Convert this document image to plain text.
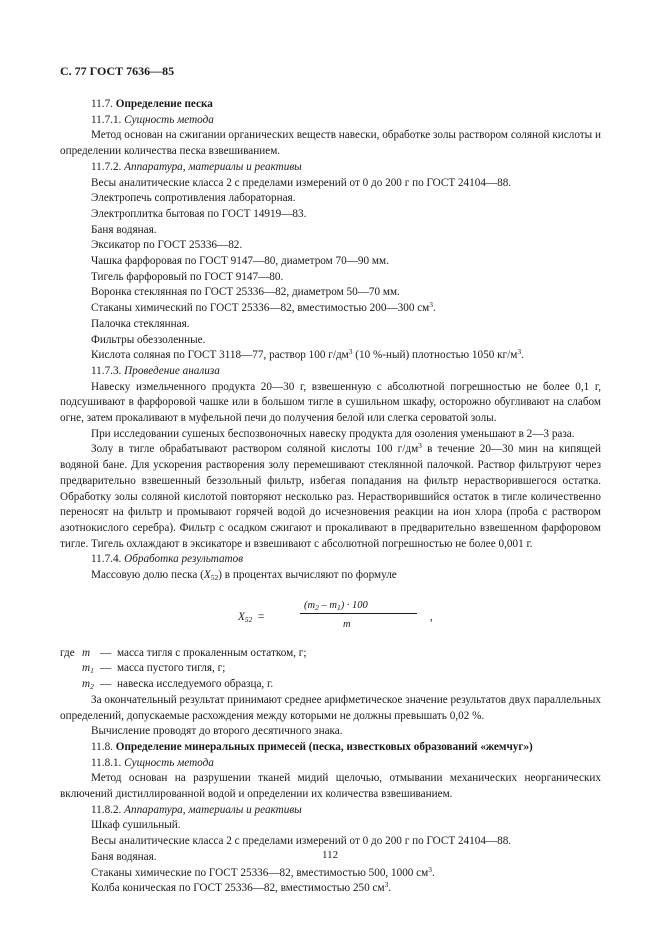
С. 77 ГОСТ 7636—85
11.7. Определение песка
11.7.1. Сущность метода

Метод основан на сжигании органических веществ навески, обработке золы раствором соляной кислоты и определении количества песка взвешиванием.

11.7.2. Аппаратура, материалы и реактивы
Весы аналитические класса 2 с пределами измерений от 0 до 200 г по ГОСТ 24104—88.
Электропечь сопротивления лабораторная.
Электроплитка бытовая по ГОСТ 14919—83.
Баня водяная.
Эксикатор по ГОСТ 25336—82.
Чашка фарфоровая по ГОСТ 9147—80, диаметром 70—90 мм.
Тигель фарфоровый по ГОСТ 9147—80.
Воронка стеклянная по ГОСТ 25336—82, диаметром 50—70 мм.
Стаканы химический по ГОСТ 25336—82, вместимостью 200—300 $см^3$.
Палочка стеклянная.
Фильтры обеззоленные.
Кислота соляная по ГОСТ 3118—77, раствор 100 $г/дм^3$ (10 %-ный) плотностью 1050 $кг/м^3$.
11.7.3. Проведение анализа

Навеску измельченного продукта 20—30 г, взвешенную с абсолютной погрешностью не более 0,1 г, подсушивают в фарфоровой чашке или в большом тигле в сушильном шкафу, осторожно обугливают на слабом огне, затем прокаливают в муфельной печи до получения белой или слегка сероватой золы.

При исследовании сушеных беспозвоночных навеску продукта для озоления уменьшают в 2—3 раза.

Золу в тигле обрабатывают раствором соляной кислоты 100 $г/дм^3$ в течение 20—30 мин на кипящей водяной бане. Для ускорения растворения золу перемешивают стеклянной палочкой. Раствор фильтруют через предварительно взвешенный беззольный фильтр, избегая попадания на фильтр нерастворившегося остатка. Обработку золы соляной кислотой повторяют несколько раз. Нерастворившийся остаток в тигле количественно переносят на фильтр и промывают горячей водой до исчезновения реакции на ион хлора (проба с раствором азотнокислого серебра). Фильтр с осадком сжигают и прокаливают в предварительно взвешенном фарфоровом тигле. Тигель охлаждают в эксикаторе и взвешивают с абсолютной погрешностью не более 0,001 г.

11.7.4. Обработка результатов
Массовую долю песка $(X_{52})$ в процентах вычисляют по формуле
$X_{52}$ =
$(m_2 - m_1) \cdot 100$
m
,
где m — масса тигля с прокаленным остатком, г;
$m_1$ — масса пустого тигля, г;
$m_2$ — навеска исследуемого образца, г.

За окончательный результат принимают среднее арифметическое значение результатов двух параллельных определений, допускаемые расхождения между которыми не должны превышать 0,02 %.

Вычисление проводят до второго десятичного знака.

11.8. Определение минеральных примесей (песка, известковых образований «жемчуг»)
11.8.1. Сущность метода

Метод основан на разрушении тканей мидий щелочью, отмывании механических неорганических включений дистиллированной водой и определении их количества взвешиванием.

11.8.2. Аппаратура, материалы и реактивы
Шкаф сушильный.
Весы аналитические класса 2 с пределами измерений от 0 до 200 г по ГОСТ 24104—88.
Баня водяная.
Стаканы химические по ГОСТ 25336—82, вместимостью 500, 1000 $см^3$.
Колба коническая по ГОСТ 25336—82, вместимостью 250 $см^3$.
112
